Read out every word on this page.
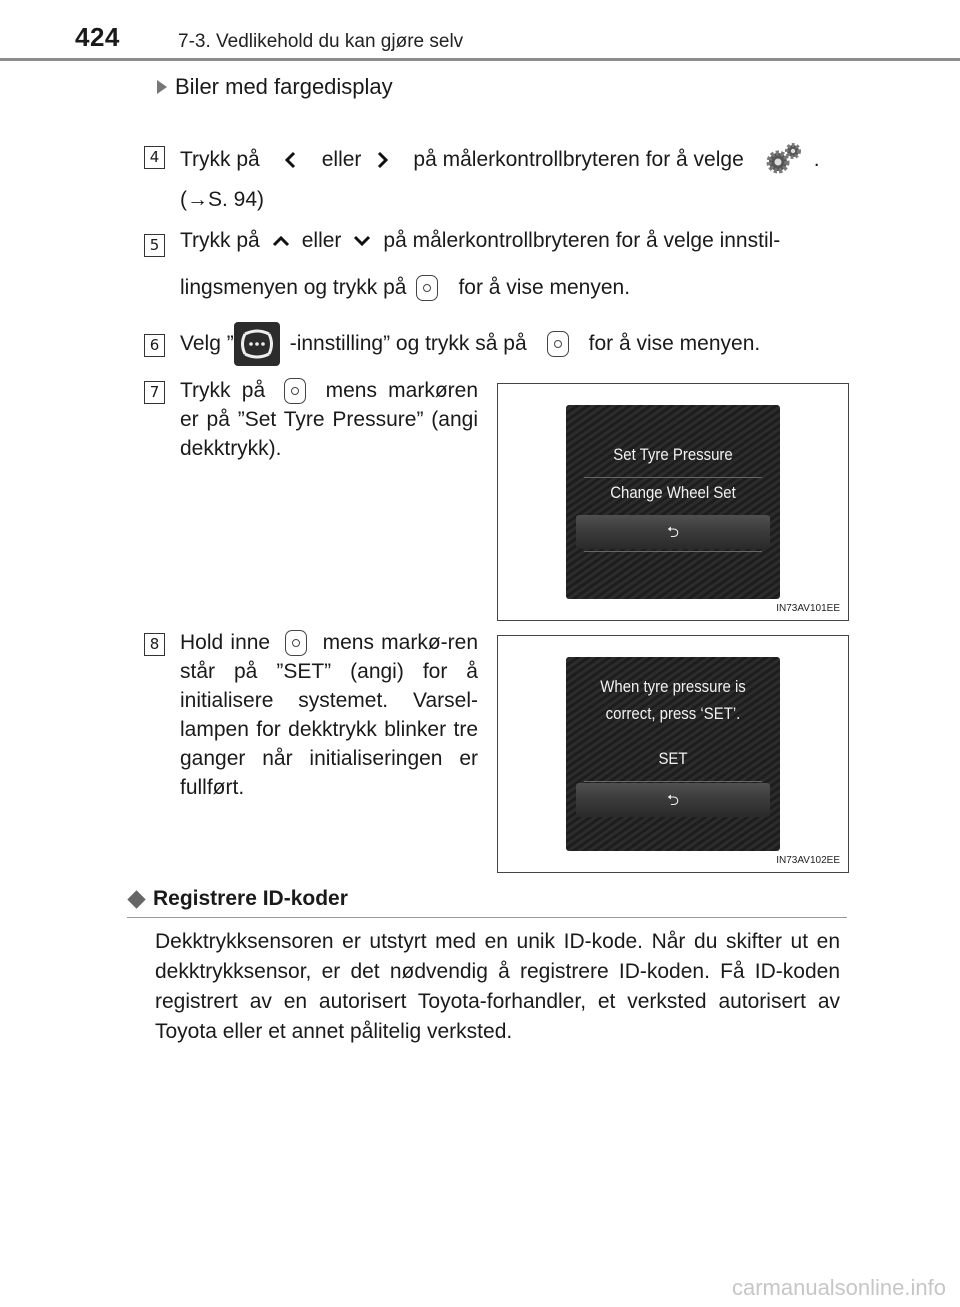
424	7-3. Vedlikehold du kan gjøre selv
Biler med fargedisplay
4 Trykk på	eller på målerkontrollbryteren for å velge	.
(→S. 94)
5 Trykk på eller på målerkontrollbryteren for å velge innstil-
lingsmenyen og trykk på for å vise menyen.
6 Velg ”	-innstilling” og trykk så på	for å vise menyen.
7 Trykk på	mens markøren er på ”Set Tyre Pressure” (angi dekktrykk).	Set Tyre Pressure
Change Wheel Set
⮌
IN73AV101EE
8 Hold inne mens markø-ren står på ”SET” (angi) for å initialisere systemet. Varsel-lampen for dekktrykk blinker tre ganger når initialiseringen er fullført.
When tyre pressure is
correct, press ‘SET’.
SET
⮌
IN73AV102EE
Registrere ID-koder
Dekktrykksensoren er utstyrt med en unik ID-kode. Når du skifter ut en dekktrykksensor, er det nødvendig å registrere ID-koden. Få ID-koden registrert av en autorisert Toyota-forhandler, et verksted autorisert av Toyota eller et annet pålitelig verksted.
carmanualsonline.info
